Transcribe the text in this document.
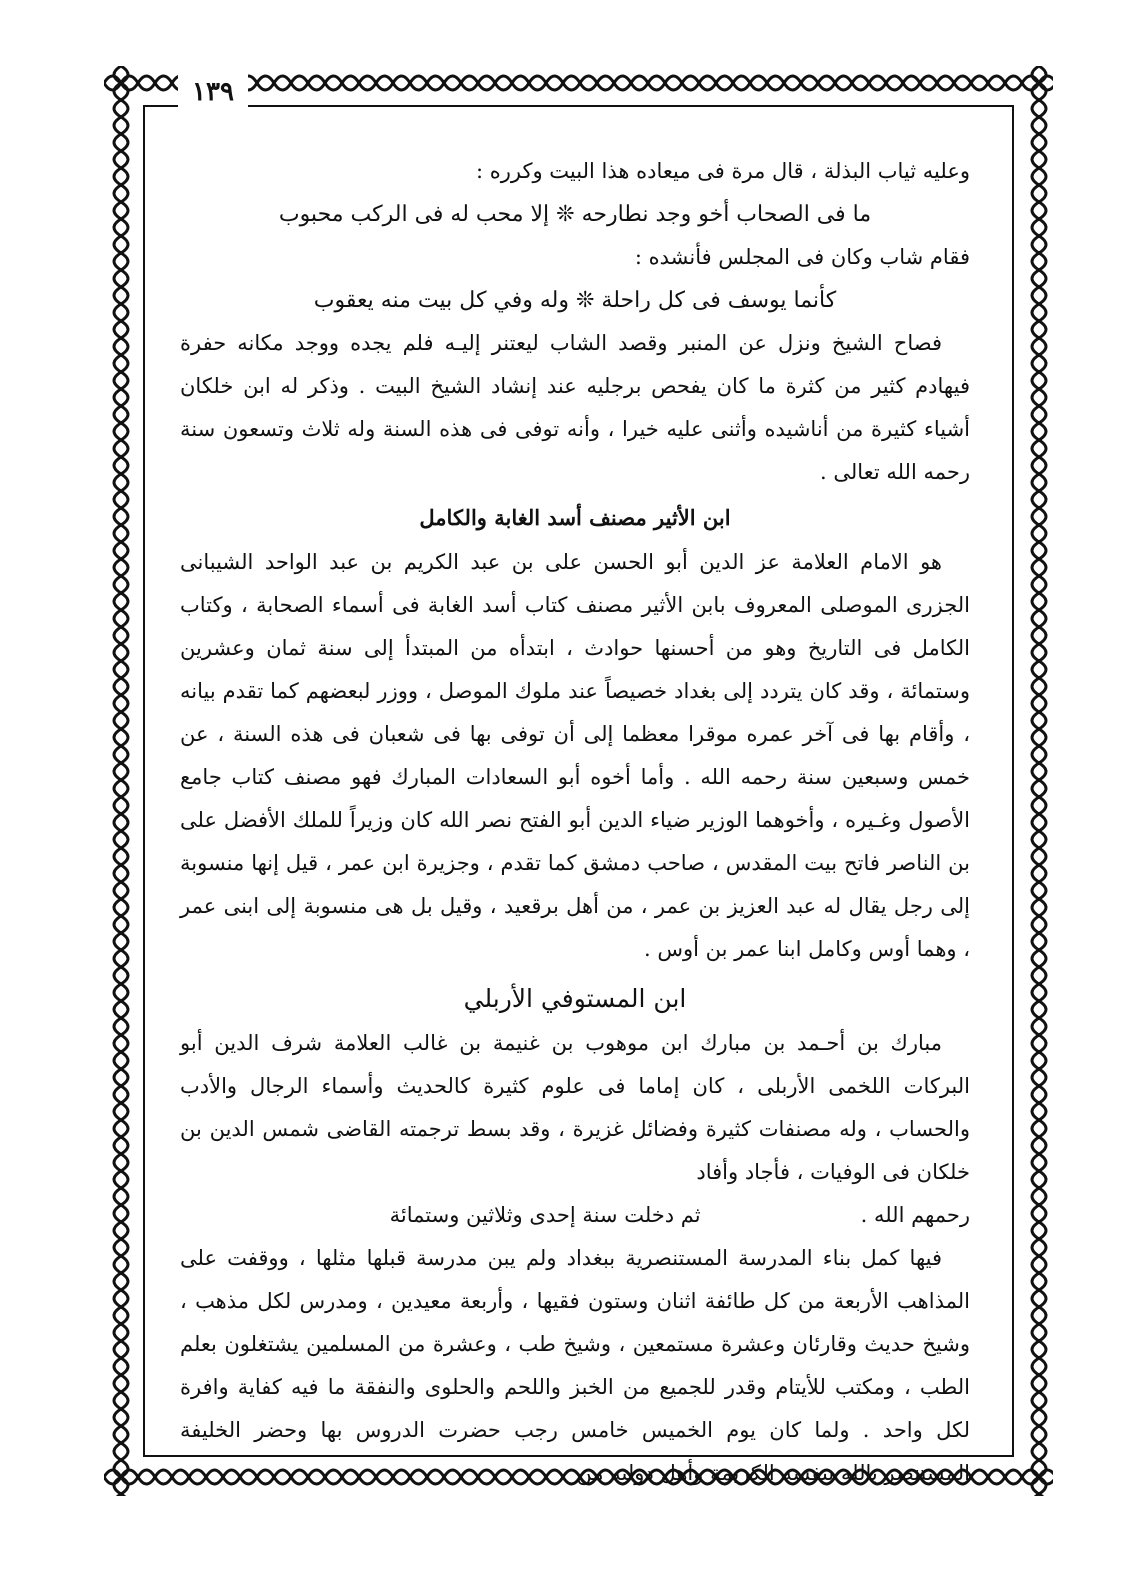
١٣٩

وعليه ثياب البذلة ، قال مرة فى ميعاده هذا البيت وكرره :

ما فى الصحاب أخو وجد نطارحه ❊ إلا محب له فى الركب محبوب

فقام شاب وكان فى المجلس فأنشده :

كأنما يوسف فى كل راحلة ❊ وله وفي كل بيت منه يعقوب

فصاح الشيخ ونزل عن المنبر وقصد الشاب ليعتنر إليـه فلم يجده ووجد مكانه حفرة فيهادم كثير من كثرة ما كان يفحص برجليه عند إنشاد الشيخ البيت . وذكر له ابن خلكان أشياء كثيرة من أناشيده وأثنى عليه خيرا ، وأنه توفى فى هذه السنة وله ثلاث وتسعون سنة رحمه الله تعالى .

ابن الأثير مصنف أسد الغابة والكامل

هو الامام العلامة عز الدين أبو الحسن على بن عبد الكريم بن عبد الواحد الشيبانى الجزرى الموصلى المعروف بابن الأثير مصنف كتاب أسد الغابة فى أسماء الصحابة ، وكتاب الكامل فى التاريخ وهو من أحسنها حوادث ، ابتدأه من المبتدأ إلى سنة ثمان وعشرين وستمائة ، وقد كان يتردد إلى بغداد خصيصاً عند ملوك الموصل ، ووزر لبعضهم كما تقدم بيانه ، وأقام بها فى آخر عمره موقرا معظما إلى أن توفى بها فى شعبان فى هذه السنة ، عن خمس وسبعين سنة رحمه الله . وأما أخوه أبو السعادات المبارك فهو مصنف كتاب جامع الأصول وغـيره ، وأخوهما الوزير ضياء الدين أبو الفتح نصر الله كان وزيراً للملك الأفضل على بن الناصر فاتح بيت المقدس ، صاحب دمشق كما تقدم ، وجزيرة ابن عمر ، قيل إنها منسوبة إلى رجل يقال له عبد العزيز بن عمر ، من أهل برقعيد ، وقيل بل هى منسوبة إلى ابنى عمر ، وهما أوس وكامل ابنا عمر بن أوس .

ابن المستوفي الأربلي

مبارك بن أحـمد بن مبارك ابن موهوب بن غنيمة بن غالب العلامة شرف الدين أبو البركات اللخمى الأربلى ، كان إماما فى علوم كثيرة كالحديث وأسماء الرجال والأدب والحساب ، وله مصنفات كثيرة وفضائل غزيرة ، وقد بسط ترجمته القاضى شمس الدين بن خلكان فى الوفيات ، فأجاد وأفاد

رحمهم الله .
ثم دخلت سنة إحدى وثلاثين وستمائة

فيها كمل بناء المدرسة المستنصرية ببغداد ولم يبن مدرسة قبلها مثلها ، ووقفت على المذاهب الأربعة من كل طائفة اثنان وستون فقيها ، وأربعة معيدين ، ومدرس لكل مذهب ، وشيخ حديث وقارئان وعشرة مستمعين ، وشيخ طب ، وعشرة من المسلمين يشتغلون بعلم الطب ، ومكتب للأيتام وقدر للجميع من الخبز واللحم والحلوى والنفقة ما فيه كفاية وافرة لكل واحد . ولما كان يوم الخميس خامس رجب حضرت الدروس بها وحضر الخليفة المستنصر بالله بنفسه الكريمة وأهل دولته من
